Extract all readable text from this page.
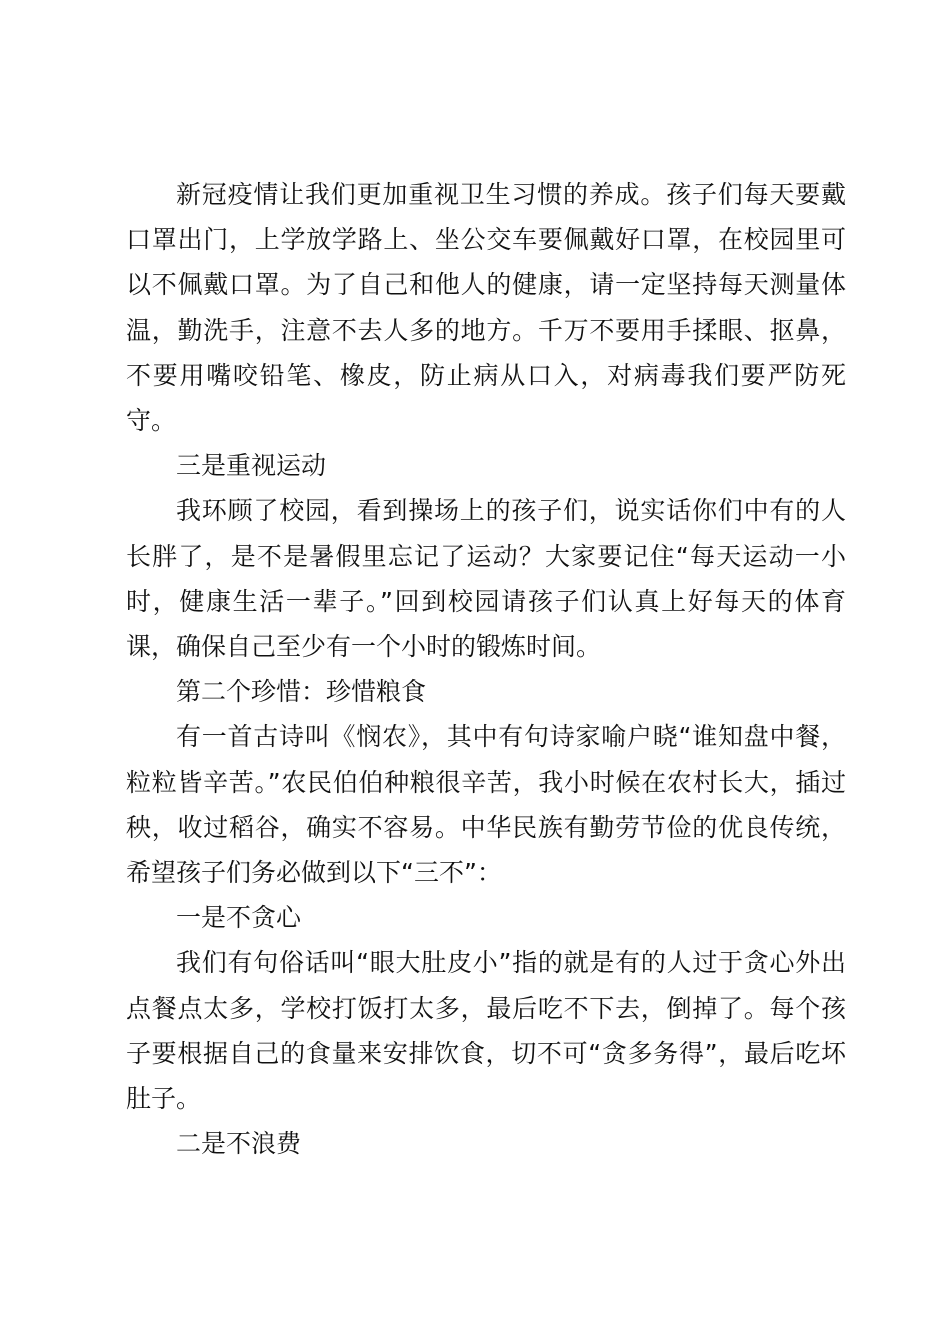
新冠疫情让我们更加重视卫生习惯的养成。孩子们每天要戴口罩出门，上学放学路上、坐公交车要佩戴好口罩，在校园里可以不佩戴口罩。为了自己和他人的健康，请一定坚持每天测量体温，勤洗手，注意不去人多的地方。千万不要用手揉眼、抠鼻，不要用嘴咬铅笔、橡皮，防止病从口入，对病毒我们要严防死守。

三是重视运动

我环顾了校园，看到操场上的孩子们，说实话你们中有的人长胖了，是不是暑假里忘记了运动？大家要记住“每天运动一小时，健康生活一辈子。”回到校园请孩子们认真上好每天的体育课，确保自己至少有一个小时的锻炼时间。

第二个珍惜：珍惜粮食

有一首古诗叫《悯农》，其中有句诗家喻户晓“谁知盘中餐，粒粒皆辛苦。”农民伯伯种粮很辛苦，我小时候在农村长大，插过秧，收过稻谷，确实不容易。中华民族有勤劳节俭的优良传统，希望孩子们务必做到以下“三不”：

一是不贪心

我们有句俗话叫“眼大肚皮小”指的就是有的人过于贪心外出点餐点太多，学校打饭打太多，最后吃不下去，倒掉了。每个孩子要根据自己的食量来安排饮食，切不可“贪多务得”，最后吃坏肚子。

二是不浪费
